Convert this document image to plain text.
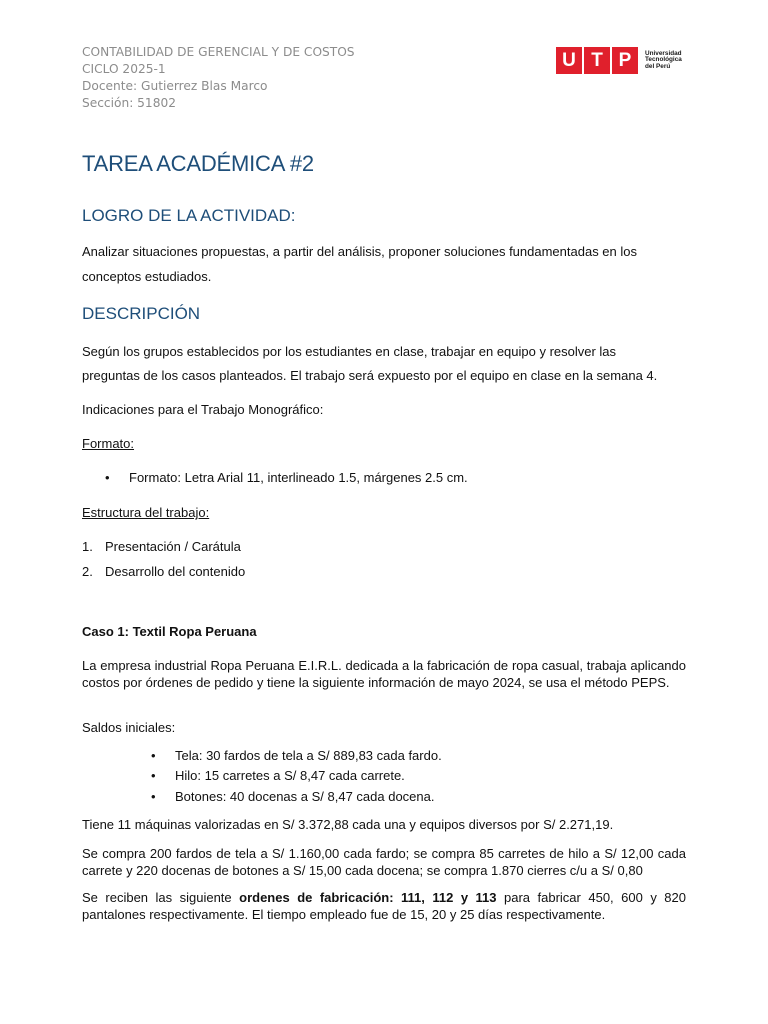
CONTABILIDAD DE GERENCIAL Y DE COSTOS
CICLO 2025-1
Docente: Gutierrez Blas Marco
Sección: 51802
U T P	Universidad
Tecnológica
del Perú
TAREA ACADÉMICA #2
LOGRO DE LA ACTIVIDAD:
Analizar situaciones propuestas, a partir del análisis, proponer soluciones fundamentadas en los
conceptos estudiados.
DESCRIPCIÓN
Según los grupos establecidos por los estudiantes en clase, trabajar en equipo y resolver las
preguntas de los casos planteados. El trabajo será expuesto por el equipo en clase en la semana 4.
Indicaciones para el Trabajo Monográfico:
Formato:
• Formato: Letra Arial 11, interlineado 1.5, márgenes 2.5 cm.
Estructura del trabajo:
1. Presentación / Carátula
2. Desarrollo del contenido
Caso 1: Textil Ropa Peruana
La empresa industrial Ropa Peruana E.I.R.L. dedicada a la fabricación de ropa casual, trabaja aplicando costos por órdenes de pedido y tiene la siguiente información de mayo 2024, se usa el método PEPS.
Saldos iniciales:
• Tela: 30 fardos de tela a S/ 889,83 cada fardo.
• Hilo: 15 carretes a S/ 8,47 cada carrete.
• Botones: 40 docenas a S/ 8,47 cada docena.
Tiene 11 máquinas valorizadas en S/ 3.372,88 cada una y equipos diversos por S/ 2.271,19.
Se compra 200 fardos de tela a S/ 1.160,00 cada fardo; se compra 85 carretes de hilo a S/ 12,00 cada carrete y 220 docenas de botones a S/ 15,00 cada docena; se compra 1.870 cierres c/u a S/ 0,80
Se reciben las siguiente ordenes de fabricación: 111, 112 y 113 para fabricar 450, 600 y 820 pantalones respectivamente. El tiempo empleado fue de 15, 20 y 25 días respectivamente.
